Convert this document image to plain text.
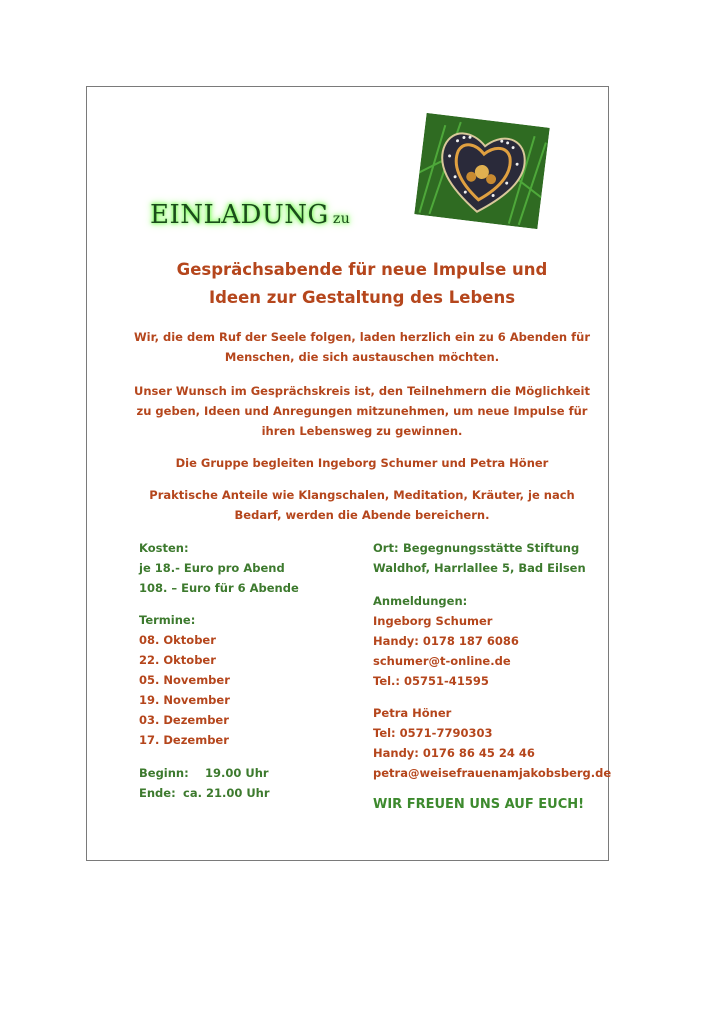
EINLADUNG zu
Gesprächsabende für neue Impulse und
Ideen zur Gestaltung des Lebens
Wir, die dem Ruf der Seele folgen, laden herzlich ein zu 6 Abenden für
Menschen, die sich austauschen möchten.
Unser Wunsch im Gesprächskreis ist, den Teilnehmern die Möglichkeit
zu geben, Ideen und Anregungen mitzunehmen, um neue Impulse für
ihren Lebensweg zu gewinnen.
Die Gruppe begleiten Ingeborg Schumer und Petra Höner
Praktische Anteile wie Klangschalen, Meditation, Kräuter, je nach
Bedarf, werden die Abende bereichern.
Kosten:
je 18.- Euro pro Abend
108. – Euro für 6 Abende
Termine:
08. Oktober
22. Oktober
05. November
19. November
03. Dezember
17. Dezember
Beginn: 19.00 Uhr
Ende: ca. 21.00 Uhr
Ort: Begegnungsstätte Stiftung
Waldhof, Harrlallee 5, Bad Eilsen
Anmeldungen:
Ingeborg Schumer
Handy: 0178 187 6086
schumer@t-online.de
Tel.: 05751-41595
Petra Höner
Tel: 0571-7790303
Handy: 0176 86 45 24 46
petra@weisefrauenamjakobsberg.de
WIR FREUEN UNS AUF EUCH!
